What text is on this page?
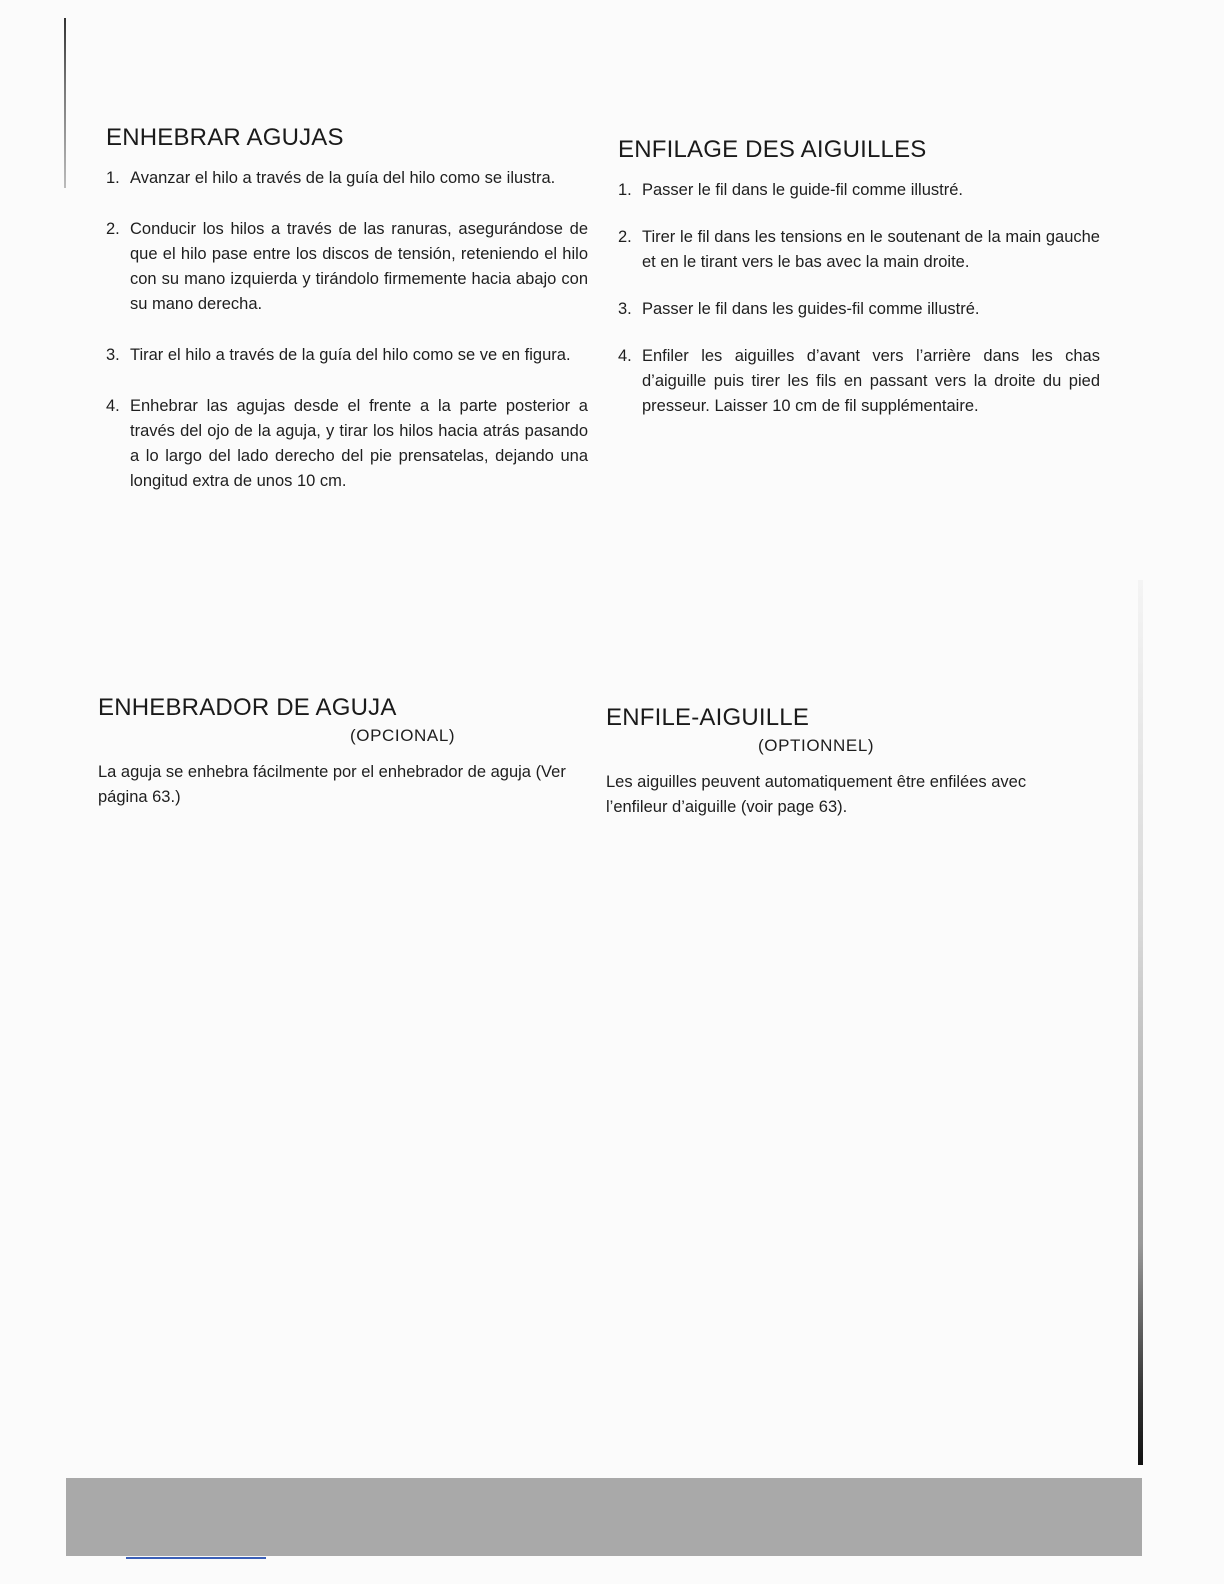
ENHEBRAR AGUJAS
1. Avanzar el hilo a través de la guía del hilo como se ilustra.
2. Conducir los hilos a través de las ranuras, asegurándose de que el hilo pase entre los discos de tensión, reteniendo el hilo con su mano izquierda y tirándolo firmemente hacia abajo con su mano derecha.
3. Tirar el hilo a través de la guía del hilo como se ve en figura.
4. Enhebrar las agujas desde el frente a la parte posterior a través del ojo de la aguja, y tirar los hilos hacia atrás pasando a lo largo del lado derecho del pie prensatelas, dejando una longitud extra de unos 10 cm.
ENFILAGE DES AIGUILLES
1. Passer le fil dans le guide-fil comme illustré.
2. Tirer le fil dans les tensions en le soutenant de la main gauche et en le tirant vers le bas avec la main droite.
3. Passer le fil dans les guides-fil comme illustré.
4. Enfiler les aiguilles d’avant vers l’arrière dans les chas d’aiguille puis tirer les fils en passant vers la droite du pied presseur. Laisser 10 cm de fil supplémentaire.
ENHEBRADOR DE AGUJA
(OPCIONAL)

La aguja se enhebra fácilmente por el enhebrador de aguja (Ver página 63.)

ENFILE-AIGUILLE
(OPTIONNEL)

Les aiguilles peuvent automatiquement être enfilées avec l’enfileur d’aiguille (voir page 63).
